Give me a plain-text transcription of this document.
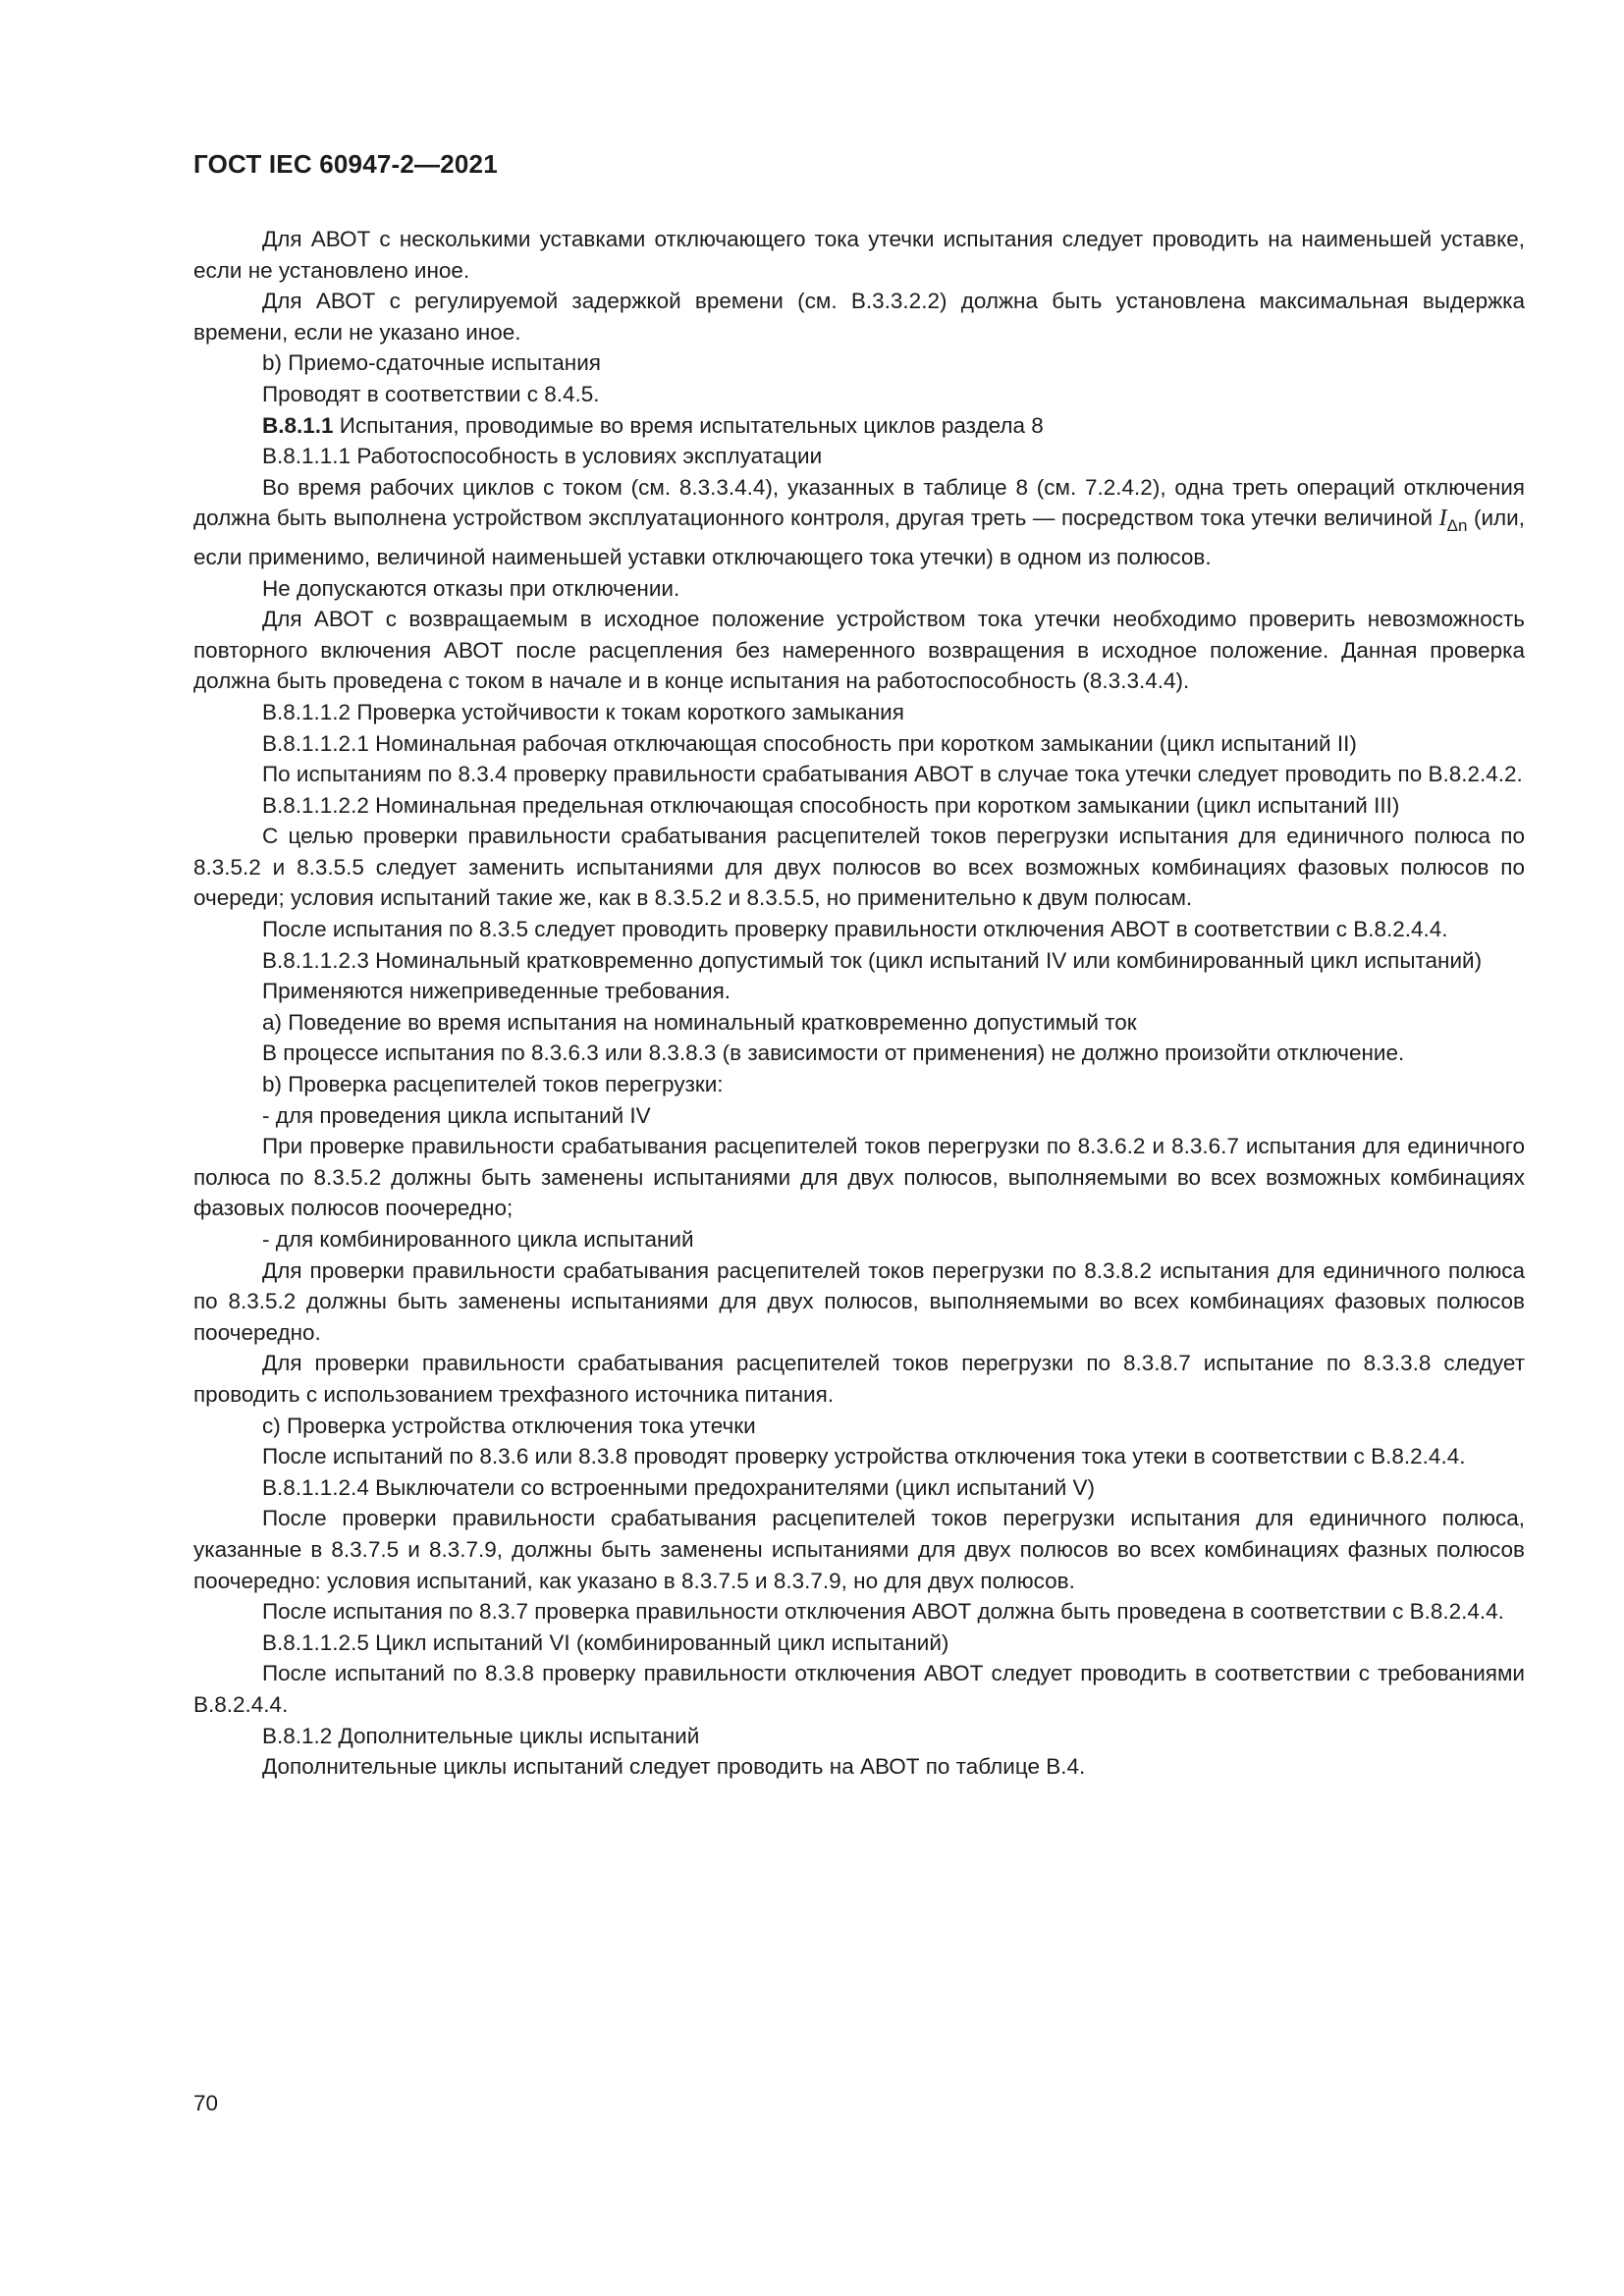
ГОСТ IEC 60947-2—2021

Для АВОТ с несколькими уставками отключающего тока утечки испытания следует проводить на наименьшей уставке, если не установлено иное.

Для АВОТ с регулируемой задержкой времени (см. B.3.3.2.2) должна быть установлена максимальная выдержка времени, если не указано иное.

b) Приемо-сдаточные испытания

Проводят в соответствии с 8.4.5.

B.8.1.1 Испытания, проводимые во время испытательных циклов раздела 8

B.8.1.1.1 Работоспособность в условиях эксплуатации

Во время рабочих циклов с током (см. 8.3.3.4.4), указанных в таблице 8 (см. 7.2.4.2), одна треть операций отключения должна быть выполнена устройством эксплуатационного контроля, другая треть — посредством тока утечки величиной $I_{\Delta n}$ (или, если применимо, величиной наименьшей уставки отключающего тока утечки) в одном из полюсов.

Не допускаются отказы при отключении.

Для АВОТ с возвращаемым в исходное положение устройством тока утечки необходимо проверить невозможность повторного включения АВОТ после расцепления без намеренного возвращения в исходное положение. Данная проверка должна быть проведена с током в начале и в конце испытания на работоспособность (8.3.3.4.4).

B.8.1.1.2 Проверка устойчивости к токам короткого замыкания

B.8.1.1.2.1 Номинальная рабочая отключающая способность при коротком замыкании (цикл испытаний II)

По испытаниям по 8.3.4 проверку правильности срабатывания АВОТ в случае тока утечки следует проводить по B.8.2.4.2.

B.8.1.1.2.2 Номинальная предельная отключающая способность при коротком замыкании (цикл испытаний III)

С целью проверки правильности срабатывания расцепителей токов перегрузки испытания для единичного полюса по 8.3.5.2 и 8.3.5.5 следует заменить испытаниями для двух полюсов во всех возможных комбинациях фазовых полюсов по очереди; условия испытаний такие же, как в 8.3.5.2 и 8.3.5.5, но применительно к двум полюсам.

После испытания по 8.3.5 следует проводить проверку правильности отключения АВОТ в соответствии с B.8.2.4.4.

B.8.1.1.2.3 Номинальный кратковременно допустимый ток (цикл испытаний IV или комбинированный цикл испытаний)

Применяются нижеприведенные требования.

a) Поведение во время испытания на номинальный кратковременно допустимый ток

В процессе испытания по 8.3.6.3 или 8.3.8.3 (в зависимости от применения) не должно произойти отключение.

b) Проверка расцепителей токов перегрузки:

- для проведения цикла испытаний IV

При проверке правильности срабатывания расцепителей токов перегрузки по 8.3.6.2 и 8.3.6.7 испытания для единичного полюса по 8.3.5.2 должны быть заменены испытаниями для двух полюсов, выполняемыми во всех возможных комбинациях фазовых полюсов поочередно;

- для комбинированного цикла испытаний

Для проверки правильности срабатывания расцепителей токов перегрузки по 8.3.8.2 испытания для единичного полюса по 8.3.5.2 должны быть заменены испытаниями для двух полюсов, выполняемыми во всех комбинациях фазовых полюсов поочередно.

Для проверки правильности срабатывания расцепителей токов перегрузки по 8.3.8.7 испытание по 8.3.3.8 следует проводить с использованием трехфазного источника питания.

c) Проверка устройства отключения тока утечки

После испытаний по 8.3.6 или 8.3.8 проводят проверку устройства отключения тока утеки в соответствии с B.8.2.4.4.

B.8.1.1.2.4 Выключатели со встроенными предохранителями (цикл испытаний V)

После проверки правильности срабатывания расцепителей токов перегрузки испытания для единичного полюса, указанные в 8.3.7.5 и 8.3.7.9, должны быть заменены испытаниями для двух полюсов во всех комбинациях фазных полюсов поочередно: условия испытаний, как указано в 8.3.7.5 и 8.3.7.9, но для двух полюсов.

После испытания по 8.3.7 проверка правильности отключения АВОТ должна быть проведена в соответствии с B.8.2.4.4.

B.8.1.1.2.5 Цикл испытаний VI (комбинированный цикл испытаний)

После испытаний по 8.3.8 проверку правильности отключения АВОТ следует проводить в соответствии с требованиями B.8.2.4.4.

B.8.1.2 Дополнительные циклы испытаний

Дополнительные циклы испытаний следует проводить на АВОТ по таблице B.4.

70
